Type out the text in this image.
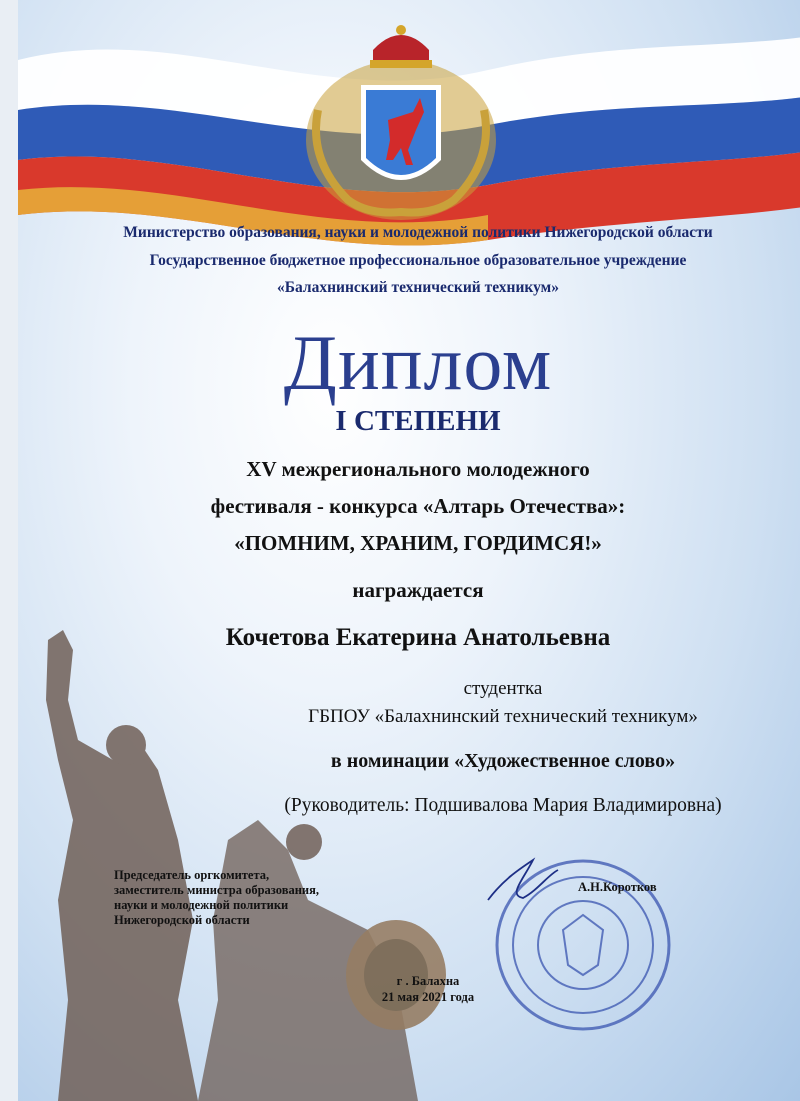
Министерство образования, науки и молодежной политики Нижегородской области
Государственное бюджетное профессиональное образовательное учреждение
«Балахнинский технический техникум»
Диплом
I СТЕПЕНИ
XV межрегионального молодежного
фестиваля - конкурса «Алтарь Отечества»:
«ПОМНИМ, ХРАНИМ, ГОРДИМСЯ!»
награждается
Кочетова Екатерина Анатольевна
студентка
ГБПОУ «Балахнинский технический техникум»
в номинации «Художественное слово»
(Руководитель: Подшивалова Мария Владимировна)
Председатель оргкомитета,
заместитель министра образования,
науки и молодежной политики
Нижегородской области
А.Н.Коротков
г . Балахна
21 мая 2021 года
